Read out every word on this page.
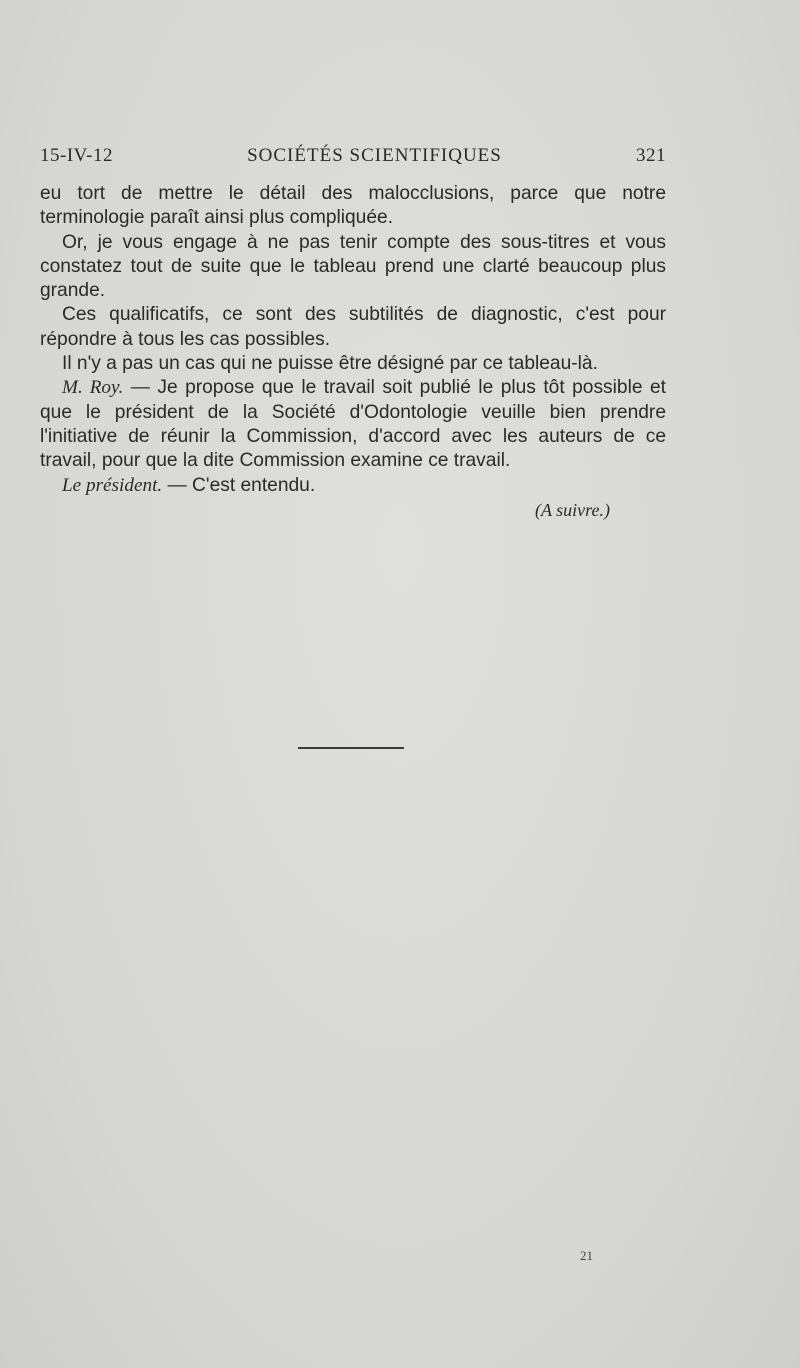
15-IV-12	SOCIÉTÉS SCIENTIFIQUES	321

eu tort de mettre le détail des malocclusions, parce que notre terminologie paraît ainsi plus compliquée.

Or, je vous engage à ne pas tenir compte des sous-titres et vous constatez tout de suite que le tableau prend une clarté beaucoup plus grande.

Ces qualificatifs, ce sont des subtilités de diagnostic, c'est pour répondre à tous les cas possibles.

Il n'y a pas un cas qui ne puisse être désigné par ce tableau-là.

M. Roy. — Je propose que le travail soit publié le plus tôt possible et que le président de la Société d'Odontologie veuille bien prendre l'initiative de réunir la Commission, d'accord avec les auteurs de ce travail, pour que la dite Commission examine ce travail.

Le président. — C'est entendu.

(A suivre.)

21
